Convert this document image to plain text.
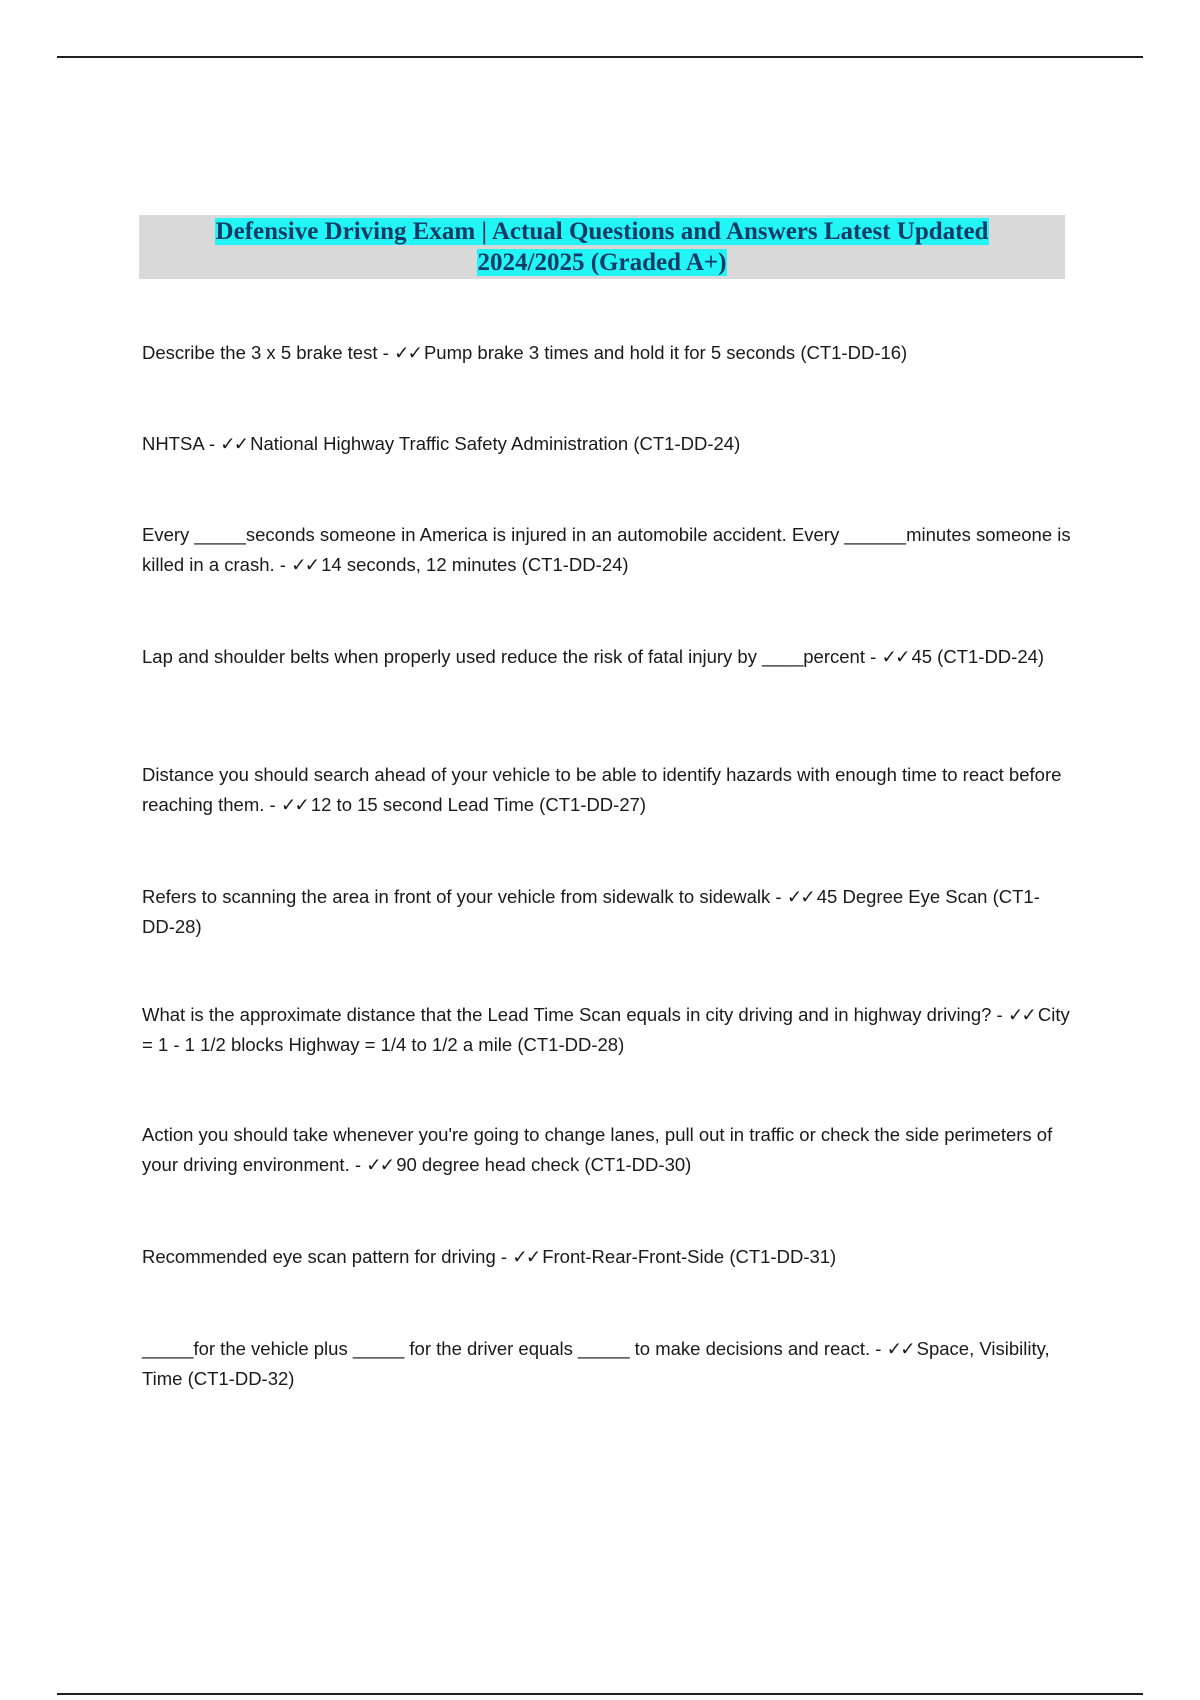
Defensive Driving Exam | Actual Questions and Answers Latest Updated
2024/2025 (Graded A+)
Describe the 3 x 5 brake test - ✓✓ Pump brake 3 times and hold it for 5 seconds (CT1-DD-16)
NHTSA - ✓✓ National Highway Traffic Safety Administration (CT1-DD-24)
Every _____seconds someone in America is injured in an automobile accident. Every ______minutes someone is killed in a crash. - ✓✓ 14 seconds, 12 minutes (CT1-DD-24)
Lap and shoulder belts when properly used reduce the risk of fatal injury by ____percent - ✓✓ 45 (CT1-DD-24)
Distance you should search ahead of your vehicle to be able to identify hazards with enough time to react before reaching them. - ✓✓ 12 to 15 second Lead Time (CT1-DD-27)
Refers to scanning the area in front of your vehicle from sidewalk to sidewalk - ✓✓ 45 Degree Eye Scan (CT1-DD-28)
What is the approximate distance that the Lead Time Scan equals in city driving and in highway driving? - ✓✓ City = 1 - 1 1/2 blocks Highway = 1/4 to 1/2 a mile (CT1-DD-28)
Action you should take whenever you're going to change lanes, pull out in traffic or check the side perimeters of your driving environment. - ✓✓ 90 degree head check (CT1-DD-30)
Recommended eye scan pattern for driving - ✓✓ Front-Rear-Front-Side (CT1-DD-31)
_____for the vehicle plus _____ for the driver equals _____ to make decisions and react. - ✓✓ Space, Visibility, Time (CT1-DD-32)
